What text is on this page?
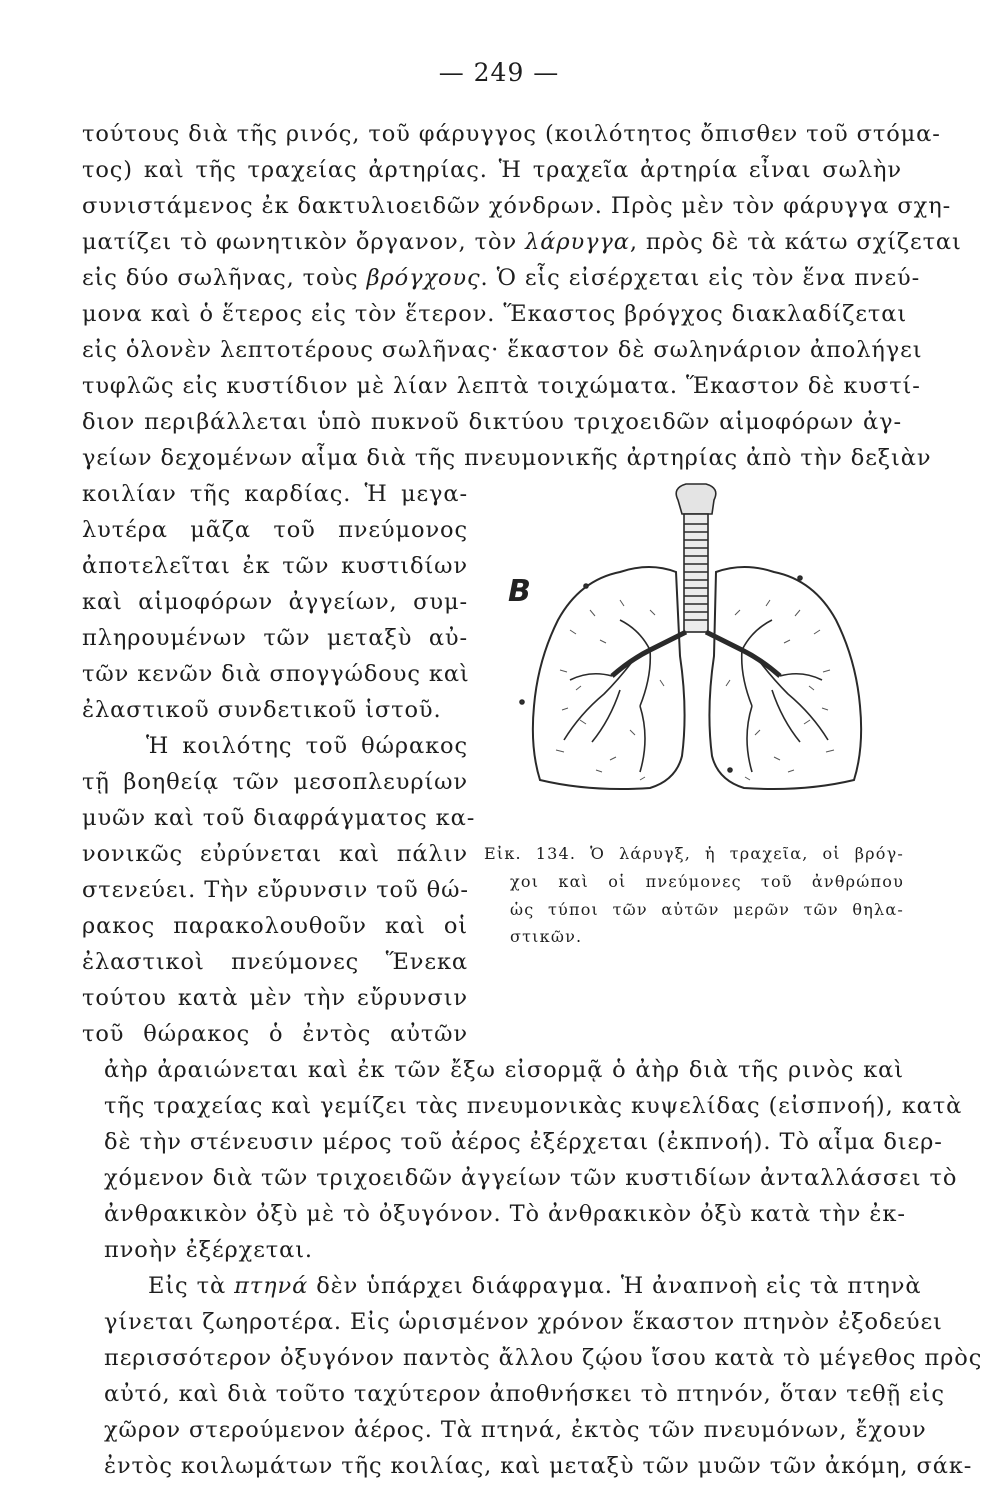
— 249 —

τούτους διὰ τῆς ρινός, τοῦ φάρυγγος (κοιλότητος ὄπισθεν τοῦ στόμα-

τος) καὶ τῆς τραχείας ἀρτηρίας. Ἡ τραχεῖα ἀρτηρία εἶναι σωλὴν

συνιστάμενος ἐκ δακτυλιοειδῶν χόνδρων. Πρὸς μὲν τὸν φάρυγγα σχη-

ματίζει τὸ φωνητικὸν ὄργανον, τὸν λάρυγγα, πρὸς δὲ τὰ κάτω σχίζεται

εἰς δύο σωλῆνας, τοὺς βρόγχους. Ὁ εἷς εἰσέρχεται εἰς τὸν ἕνα πνεύ-

μονα καὶ ὁ ἕτερος εἰς τὸν ἕτερον. Ἕκαστος βρόγχος διακλαδίζεται

εἰς ὁλονὲν λεπτοτέρους σωλῆνας· ἕκαστον δὲ σωληνάριον ἀπολήγει

τυφλῶς εἰς κυστίδιον μὲ λίαν λεπτὰ τοιχώματα. Ἕκαστον δὲ κυστί-

διον περιβάλλεται ὑπὸ πυκνοῦ δικτύου τριχοειδῶν αἱμοφόρων ἀγ-

γείων δεχομένων αἷμα διὰ τῆς πνευμονικῆς ἀρτηρίας ἀπὸ τὴν δεξιὰν

κοιλίαν τῆς καρδίας. Ἡ μεγα-

λυτέρα μᾶζα τοῦ πνεύμονος

ἀποτελεῖται ἐκ τῶν κυστιδίων

καὶ αἱμοφόρων ἀγγείων, συμ-

πληρουμένων τῶν μεταξὺ αὐ-

τῶν κενῶν διὰ σπογγώδους καὶ

ἐλαστικοῦ συνδετικοῦ ἱστοῦ.

Ἡ κοιλότης τοῦ θώρακος

τῇ βοηθείᾳ τῶν μεσοπλευρίων

μυῶν καὶ τοῦ διαφράγματος κα-

νονικῶς εὐρύνεται καὶ πάλιν

στενεύει. Τὴν εὔρυνσιν τοῦ θώ-

ρακος παρακολουθοῦν καὶ οἱ

ἐλαστικοὶ πνεύμονες Ἕνεκα

τούτου κατὰ μὲν τὴν εὔρυνσιν

τοῦ θώρακος ὁ ἐντὸς αὐτῶν

B

Εἰκ. 134. Ὁ λάρυγξ, ἡ τραχεῖα, οἱ βρόγ-

χοι καὶ οἱ πνεύμονες τοῦ ἀνθρώπου

ὡς τύποι τῶν αὐτῶν μερῶν τῶν θηλα-

στικῶν.

ἀὴρ ἀραιώνεται καὶ ἐκ τῶν ἔξω εἰσορμᾷ ὁ ἀὴρ διὰ τῆς ρινὸς καὶ

τῆς τραχείας καὶ γεμίζει τὰς πνευμονικὰς κυψελίδας (εἰσπνοή), κατὰ

δὲ τὴν στένευσιν μέρος τοῦ ἀέρος ἐξέρχεται (ἐκπνοή). Τὸ αἷμα διερ-

χόμενον διὰ τῶν τριχοειδῶν ἀγγείων τῶν κυστιδίων ἀνταλλάσσει τὸ

ἀνθρακικὸν ὀξὺ μὲ τὸ ὀξυγόνον. Τὸ ἀνθρακικὸν ὀξὺ κατὰ τὴν ἐκ-

πνοὴν ἐξέρχεται.

Εἰς τὰ πτηνά δὲν ὑπάρχει διάφραγμα. Ἡ ἀναπνοὴ εἰς τὰ πτηνὰ

γίνεται ζωηροτέρα. Εἰς ὡρισμένον χρόνον ἕκαστον πτηνὸν ἐξοδεύει

περισσότερον ὀξυγόνον παντὸς ἄλλου ζῴου ἴσου κατὰ τὸ μέγεθος πρὸς

αὐτό, καὶ διὰ τοῦτο ταχύτερον ἀποθνήσκει τὸ πτηνόν, ὅταν τεθῇ εἰς

χῶρον στερούμενον ἀέρος. Τὰ πτηνά, ἐκτὸς τῶν πνευμόνων, ἔχουν

ἐντὸς κοιλωμάτων τῆς κοιλίας, καὶ μεταξὺ τῶν μυῶν τῶν ἀκόμη, σάκ-
